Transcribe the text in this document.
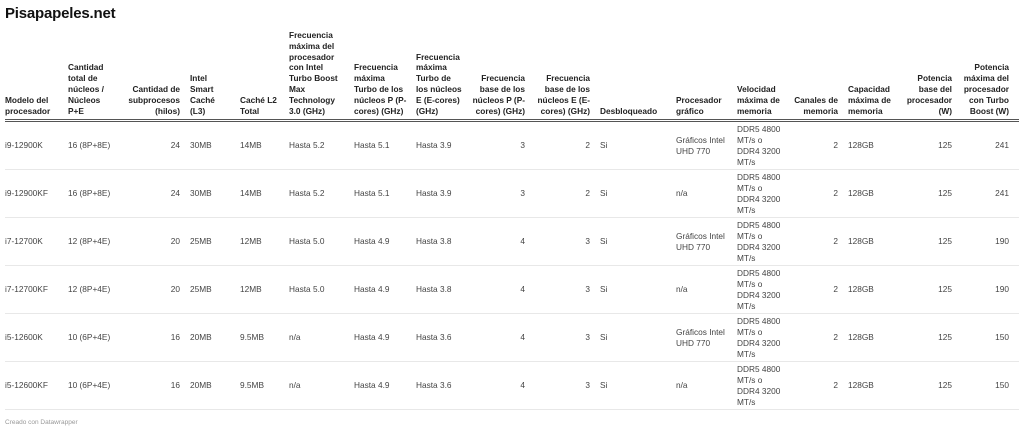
Pisapapeles.net
Modelo del procesador	Cantidad total de núcleos / Núcleos P+E	Cantidad de subprocesos (hilos)	Intel Smart Caché (L3)	Caché L2 Total	Frecuencia máxima del procesador con Intel Turbo Boost Max Technology 3.0 (GHz)	Frecuencia máxima Turbo de los núcleos P (P-cores) (GHz)	Frecuencia máxima Turbo de los núcleos E (E-cores) (GHz)	Frecuencia base de los núcleos P (P-cores) (GHz)	Frecuencia base de los núcleos E (E-cores) (GHz)	Desbloqueado	Procesador gráfico	Velocidad máxima de memoria	Canales de memoria	Capacidad máxima de memoria	Potencia base del procesador (W)	Potencia máxima del procesador con Turbo Boost (W)
i9-12900K	16 (8P+8E)	24	30MB	14MB	Hasta 5.2	Hasta 5.1	Hasta 3.9	3	2	Si	Gráficos Intel UHD 770	DDR5 4800 MT/s o DDR4 3200 MT/s	2	128GB	125	241
i9-12900KF	16 (8P+8E)	24	30MB	14MB	Hasta 5.2	Hasta 5.1	Hasta 3.9	3	2	Si	n/a	DDR5 4800 MT/s o DDR4 3200 MT/s	2	128GB	125	241
i7-12700K	12 (8P+4E)	20	25MB	12MB	Hasta 5.0	Hasta 4.9	Hasta 3.8	4	3	Si	Gráficos Intel UHD 770	DDR5 4800 MT/s o DDR4 3200 MT/s	2	128GB	125	190
i7-12700KF	12 (8P+4E)	20	25MB	12MB	Hasta 5.0	Hasta 4.9	Hasta 3.8	4	3	Si	n/a	DDR5 4800 MT/s o DDR4 3200 MT/s	2	128GB	125	190
i5-12600K	10 (6P+4E)	16	20MB	9.5MB	n/a	Hasta 4.9	Hasta 3.6	4	3	Si	Gráficos Intel UHD 770	DDR5 4800 MT/s o DDR4 3200 MT/s	2	128GB	125	150
i5-12600KF	10 (6P+4E)	16	20MB	9.5MB	n/a	Hasta 4.9	Hasta 3.6	4	3	Si	n/a	DDR5 4800 MT/s o DDR4 3200 MT/s	2	128GB	125	150
Creado con Datawrapper
